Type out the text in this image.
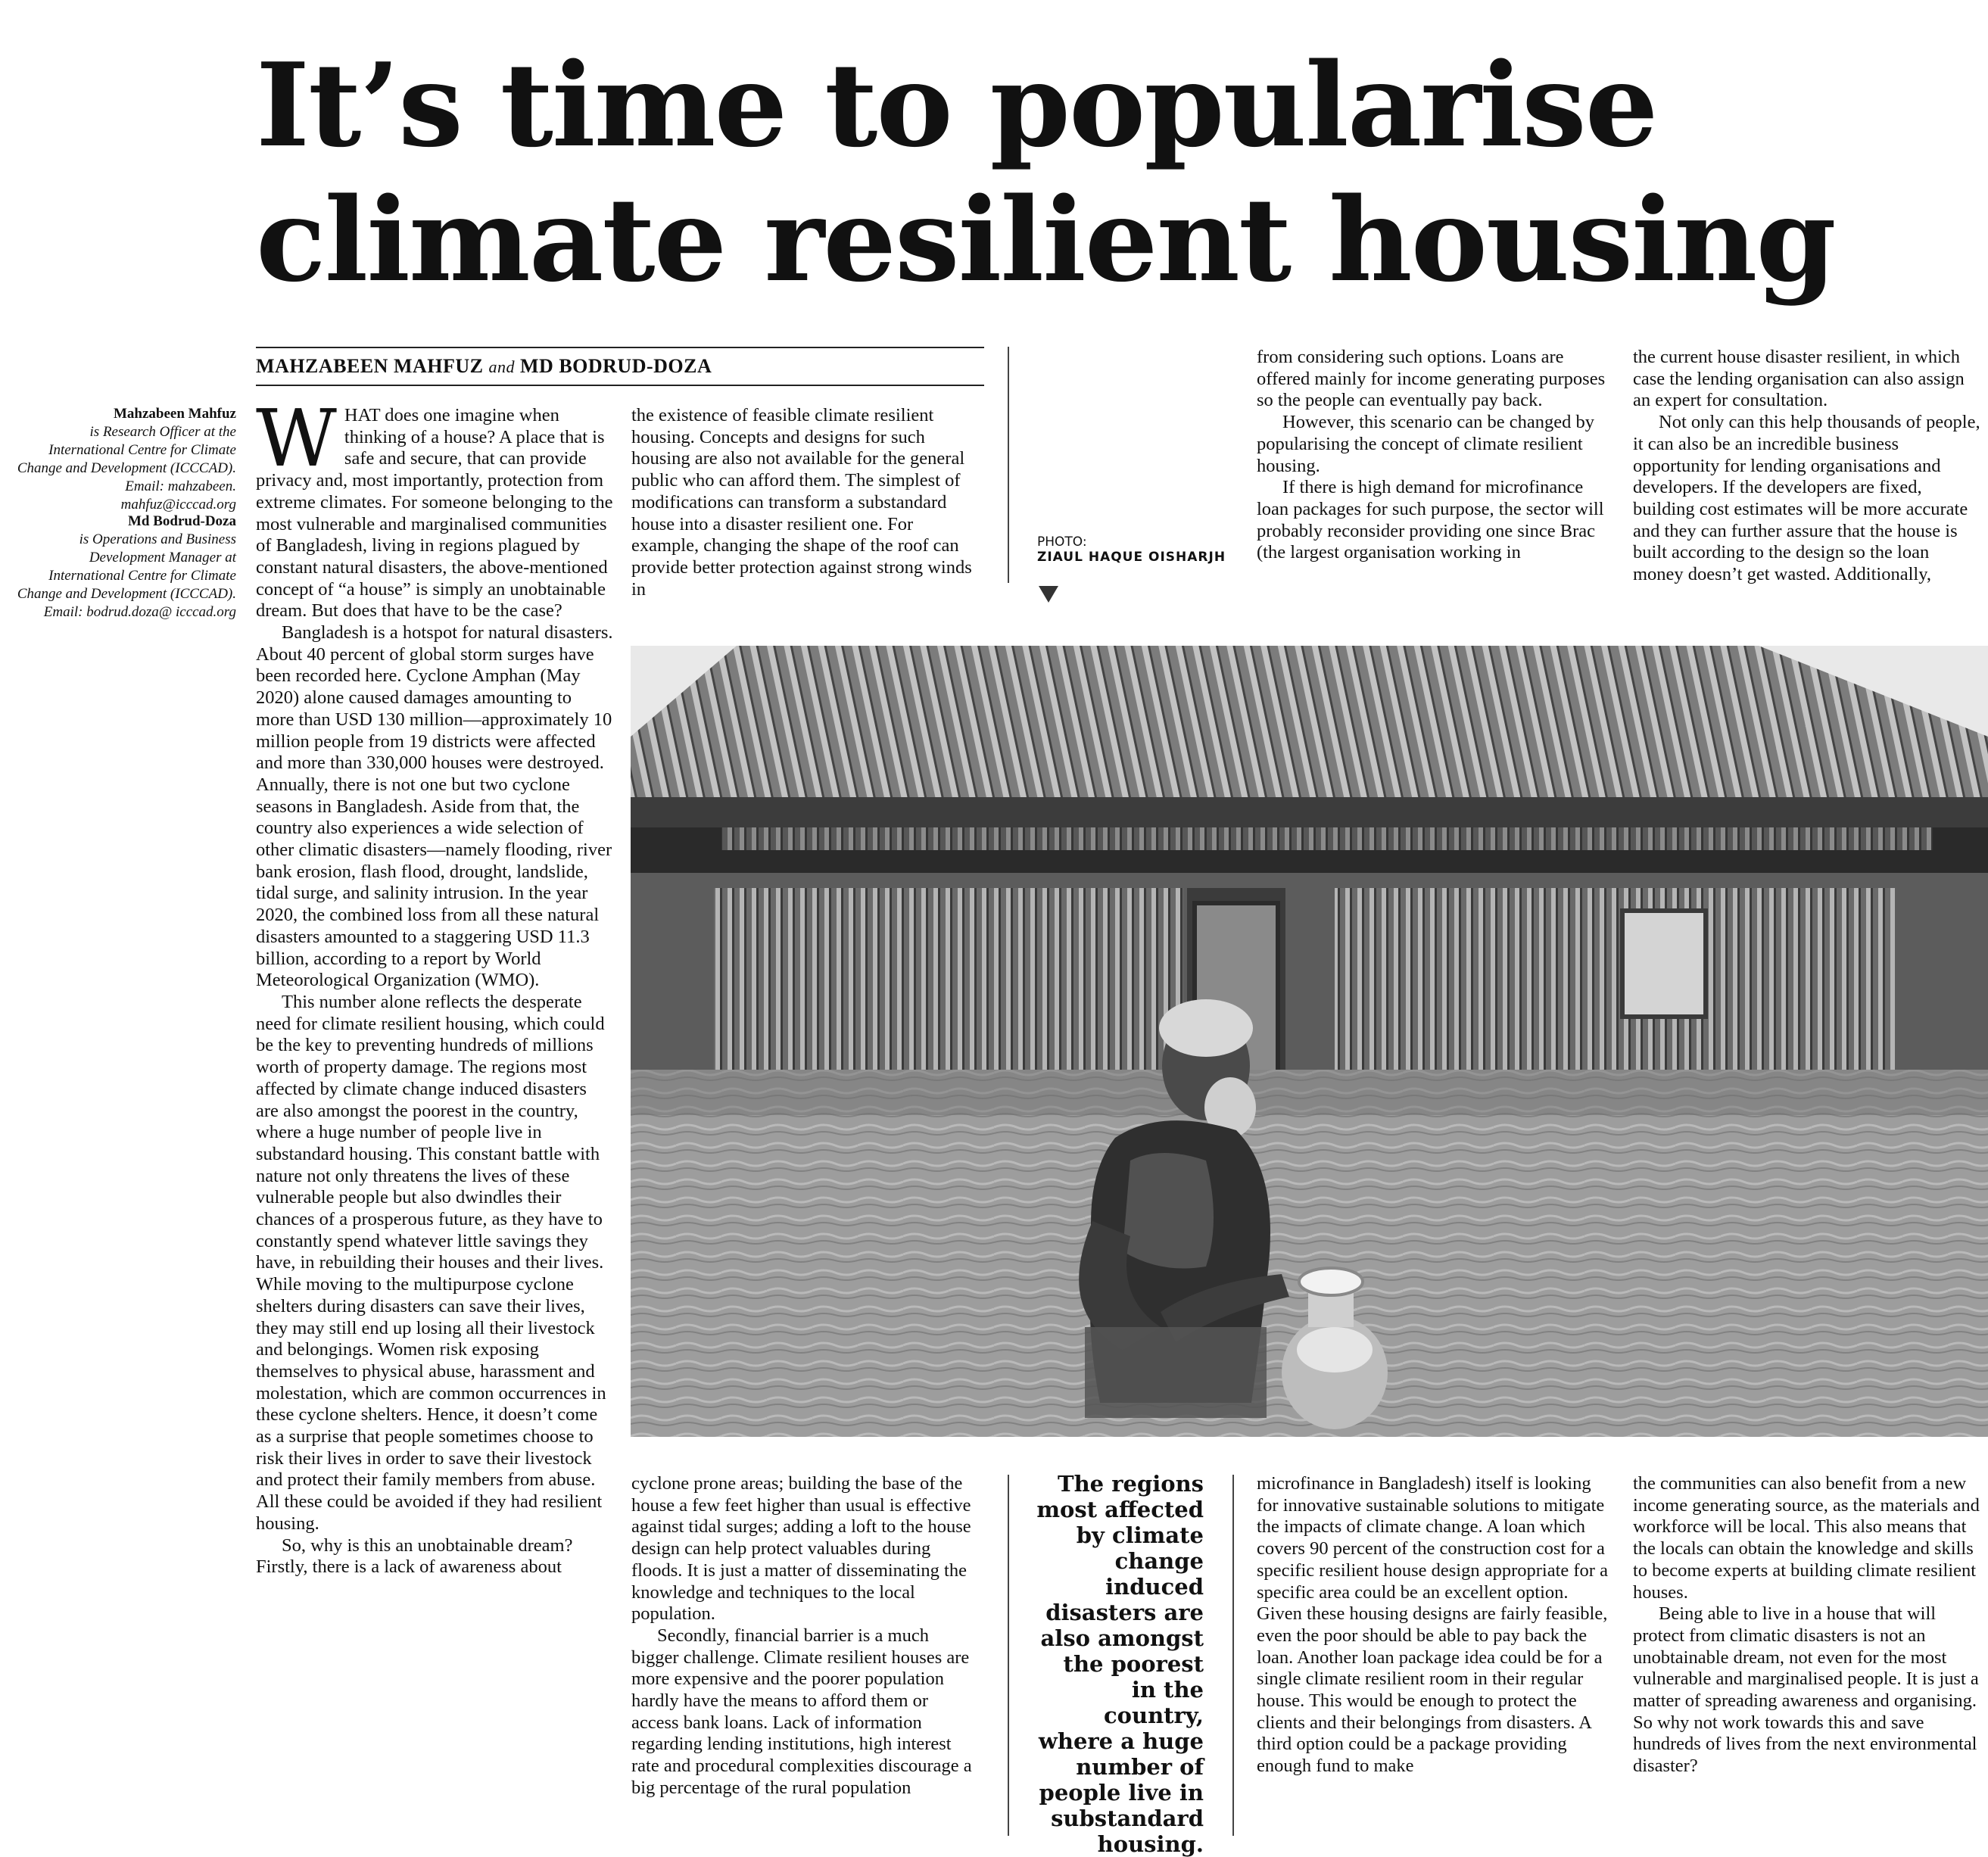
It’s time to popularise
climate resilient housing
MAHZABEEN MAHFUZ and MD BODRUD-DOZA
Mahzabeen Mahfuz
is Research Officer at the International Centre for Climate Change and Development (ICCCAD). Email: mahzabeen. mahfuz@icccad.org
Md Bodrud-Doza
is Operations and Business Development Manager at International Centre for Climate Change and Development (ICCCAD). Email: bodrud.doza@ icccad.org

WHAT does one imagine when thinking of a house? A place that is safe and secure, that can provide privacy and, most importantly, protection from extreme climates. For someone belonging to the most vulnerable and marginalised communities of Bangladesh, living in regions plagued by constant natural disasters, the above-mentioned concept of “a house” is simply an unobtainable dream. But does that have to be the case?

Bangladesh is a hotspot for natural disasters. About 40 percent of global storm surges have been recorded here. Cyclone Amphan (May 2020) alone caused damages amounting to more than USD 130 million—approximately 10 million people from 19 districts were affected and more than 330,000 houses were destroyed. Annually, there is not one but two cyclone seasons in Bangladesh. Aside from that, the country also experiences a wide selection of other climatic disasters—namely flooding, river bank erosion, flash flood, drought, landslide, tidal surge, and salinity intrusion. In the year 2020, the combined loss from all these natural disasters amounted to a staggering USD 11.3 billion, according to a report by World Meteorological Organization (WMO).

This number alone reflects the desperate need for climate resilient housing, which could be the key to preventing hundreds of millions worth of property damage. The regions most affected by climate change induced disasters are also amongst the poorest in the country, where a huge number of people live in substandard housing. This constant battle with nature not only threatens the lives of these vulnerable people but also dwindles their chances of a prosperous future, as they have to constantly spend whatever little savings they have, in rebuilding their houses and their lives. While moving to the multipurpose cyclone shelters during disasters can save their lives, they may still end up losing all their livestock and belongings. Women risk exposing themselves to physical abuse, harassment and molestation, which are common occurrences in these cyclone shelters. Hence, it doesn’t come as a surprise that people sometimes choose to risk their lives in order to save their livestock and protect their family members from abuse. All these could be avoided if they had resilient housing.

So, why is this an unobtainable dream? Firstly, there is a lack of awareness about

the existence of feasible climate resilient housing. Concepts and designs for such housing are also not available for the general public who can afford them. The simplest of modifications can transform a substandard house into a disaster resilient one. For example, changing the shape of the roof can provide better protection against strong winds in

PHOTO:
ZIAUL HAQUE OISHARJH

from considering such options. Loans are offered mainly for income generating purposes so the people can eventually pay back.

However, this scenario can be changed by popularising the concept of climate resilient housing.

If there is high demand for microfinance loan packages for such purpose, the sector will probably reconsider providing one since Brac (the largest organisation working in

the current house disaster resilient, in which case the lending organisation can also assign an expert for consultation.

Not only can this help thousands of people, it can also be an incredible business opportunity for lending organisations and developers. If the developers are fixed, building cost estimates will be more accurate and they can further assure that the house is built according to the design so the loan money doesn’t get wasted. Additionally,

cyclone prone areas; building the base of the house a few feet higher than usual is effective against tidal surges; adding a loft to the house design can help protect valuables during floods. It is just a matter of disseminating the knowledge and techniques to the local population.

Secondly, financial barrier is a much bigger challenge. Climate resilient houses are more expensive and the poorer population hardly have the means to afford them or access bank loans. Lack of information regarding lending institutions, high interest rate and procedural complexities discourage a big percentage of the rural population

The regions most affected by climate change induced disasters are also amongst the poorest in the country, where a huge number of people live in substandard housing.

microfinance in Bangladesh) itself is looking for innovative sustainable solutions to mitigate the impacts of climate change. A loan which covers 90 percent of the construction cost for a specific resilient house design appropriate for a specific area could be an excellent option. Given these housing designs are fairly feasible, even the poor should be able to pay back the loan. Another loan package idea could be for a single climate resilient room in their regular house. This would be enough to protect the clients and their belongings from disasters. A third option could be a package providing enough fund to make

the communities can also benefit from a new income generating source, as the materials and workforce will be local. This also means that the locals can obtain the knowledge and skills to become experts at building climate resilient houses.

Being able to live in a house that will protect from climatic disasters is not an unobtainable dream, not even for the most vulnerable and marginalised people. It is just a matter of spreading awareness and organising. So why not work towards this and save hundreds of lives from the next environmental disaster?
